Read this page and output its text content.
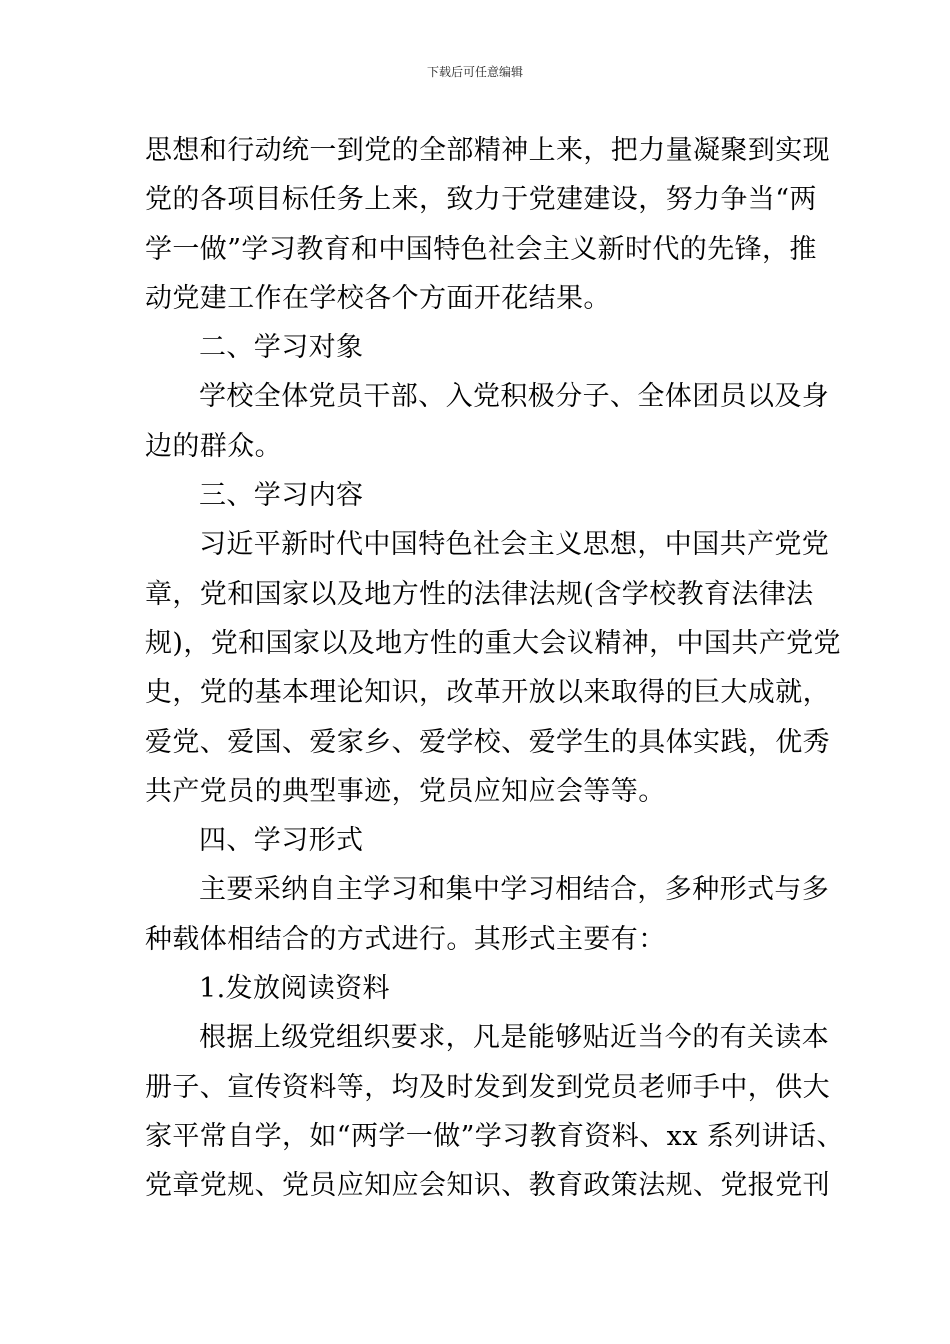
下载后可任意编辑
思想和行动统一到党的全部精神上来，把力量凝聚到实现
党的各项目标任务上来，致力于党建建设，努力争当“两
学一做”学习教育和中国特色社会主义新时代的先锋，推
动党建工作在学校各个方面开花结果。
二、学习对象
学校全体党员干部、入党积极分子、全体团员以及身
边的群众。
三、学习内容
习近平新时代中国特色社会主义思想，中国共产党党
章，党和国家以及地方性的法律法规(含学校教育法律法
规)，党和国家以及地方性的重大会议精神，中国共产党党
史，党的基本理论知识，改革开放以来取得的巨大成就，
爱党、爱国、爱家乡、爱学校、爱学生的具体实践，优秀
共产党员的典型事迹，党员应知应会等等。
四、学习形式
主要采纳自主学习和集中学习相结合，多种形式与多
种载体相结合的方式进行。其形式主要有：
1.发放阅读资料
根据上级党组织要求，凡是能够贴近当今的有关读本
册子、宣传资料等，均及时发到发到党员老师手中，供大
家平常自学，如“两学一做”学习教育资料、xx 系列讲话、
党章党规、党员应知应会知识、教育政策法规、党报党刊
